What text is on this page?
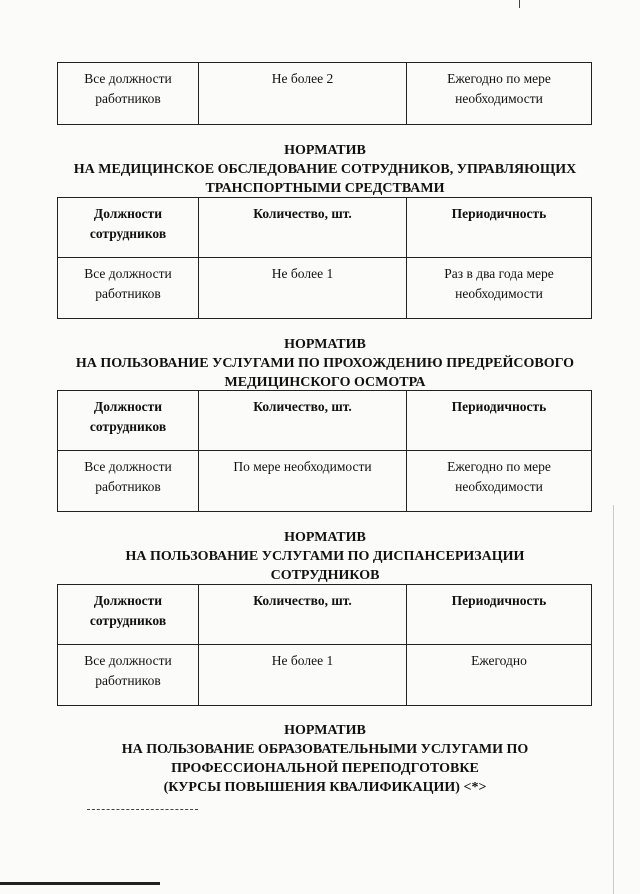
Все должности работников	Не более 2	Ежегодно по мере необходимости
НОРМАТИВ
НА МЕДИЦИНСКОЕ ОБСЛЕДОВАНИЕ СОТРУДНИКОВ, УПРАВЛЯЮЩИХ
ТРАНСПОРТНЫМИ СРЕДСТВАМИ
Должности сотрудников	Количество, шт.	Периодичность
Все должности работников	Не более 1	Раз в два года мере необходимости
НОРМАТИВ
НА ПОЛЬЗОВАНИЕ УСЛУГАМИ ПО ПРОХОЖДЕНИЮ ПРЕДРЕЙСОВОГО
МЕДИЦИНСКОГО ОСМОТРА
Должности сотрудников	Количество, шт.	Периодичность
Все должности работников	По мере необходимости	Ежегодно по мере необходимости
НОРМАТИВ
НА ПОЛЬЗОВАНИЕ УСЛУГАМИ ПО ДИСПАНСЕРИЗАЦИИ
СОТРУДНИКОВ
Должности сотрудников	Количество, шт.	Периодичность
Все должности работников	Не более 1	Ежегодно
НОРМАТИВ
НА ПОЛЬЗОВАНИЕ ОБРАЗОВАТЕЛЬНЫМИ УСЛУГАМИ ПО
ПРОФЕССИОНАЛЬНОЙ ПЕРЕПОДГОТОВКЕ
(КУРСЫ ПОВЫШЕНИЯ КВАЛИФИКАЦИИ) <*>
